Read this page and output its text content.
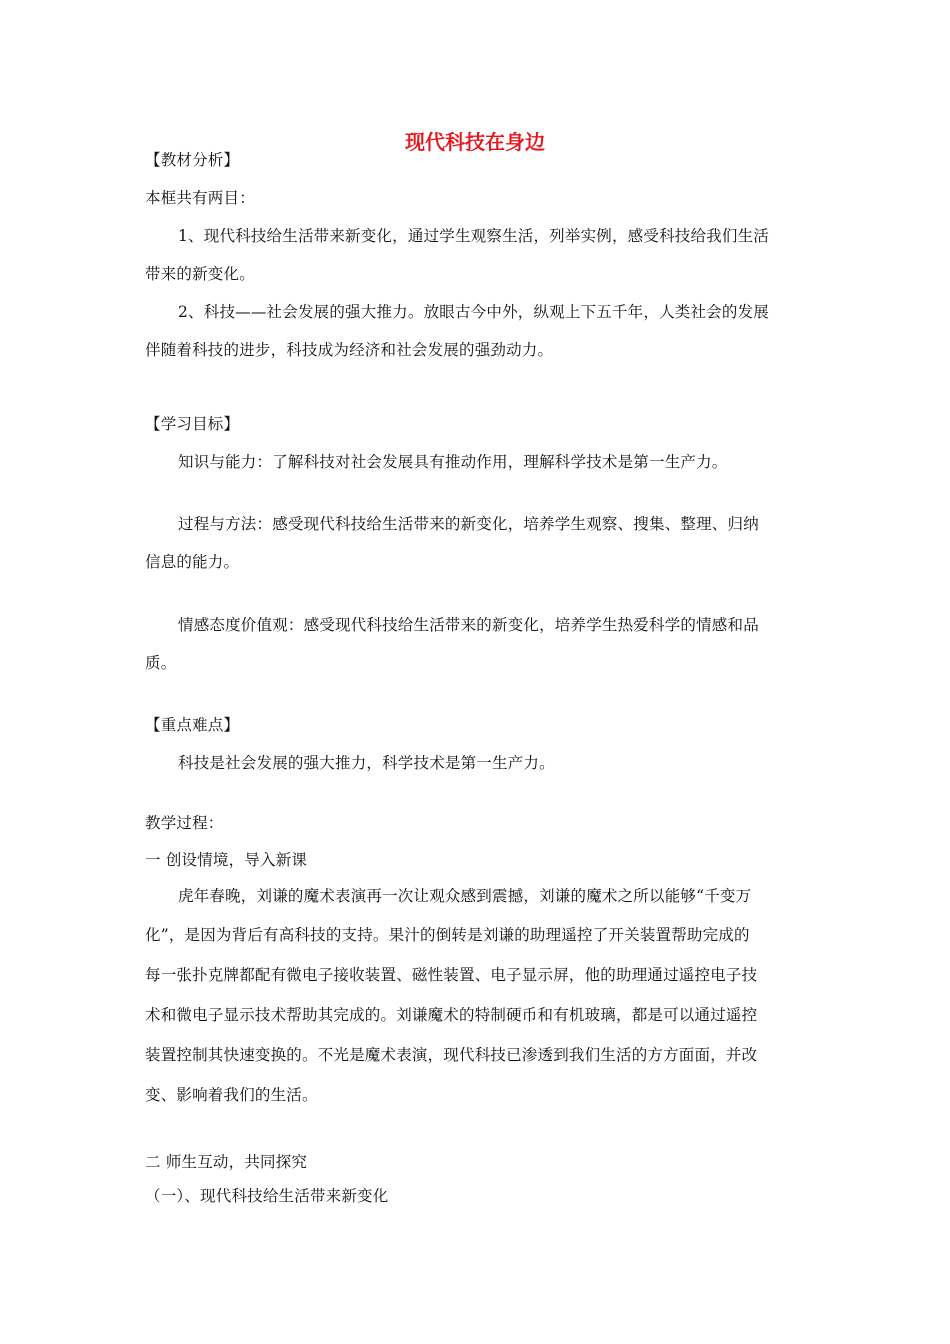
现代科技在身边
【教材分析】
本框共有两目：
1、现代科技给生活带来新变化，通过学生观察生活，列举实例，感受科技给我们生活
带来的新变化。
2、科技——社会发展的强大推力。放眼古今中外，纵观上下五千年，人类社会的发展
伴随着科技的进步，科技成为经济和社会发展的强劲动力。
【学习目标】
知识与能力：了解科技对社会发展具有推动作用，理解科学技术是第一生产力。
过程与方法：感受现代科技给生活带来的新变化，培养学生观察、搜集、整理、归纳
信息的能力。
情感态度价值观：感受现代科技给生活带来的新变化，培养学生热爱科学的情感和品
质。
【重点难点】
科技是社会发展的强大推力，科学技术是第一生产力。
教学过程：
一 创设情境，导入新课
虎年春晚，刘谦的魔术表演再一次让观众感到震撼，刘谦的魔术之所以能够“千变万
化”，是因为背后有高科技的支持。果汁的倒转是刘谦的助理遥控了开关装置帮助完成的
每一张扑克牌都配有微电子接收装置、磁性装置、电子显示屏，他的助理通过遥控电子技
术和微电子显示技术帮助其完成的。刘谦魔术的特制硬币和有机玻璃，都是可以通过遥控
装置控制其快速变换的。不光是魔术表演，现代科技已渗透到我们生活的方方面面，并改
变、影响着我们的生活。
二 师生互动，共同探究
（一）、现代科技给生活带来新变化
